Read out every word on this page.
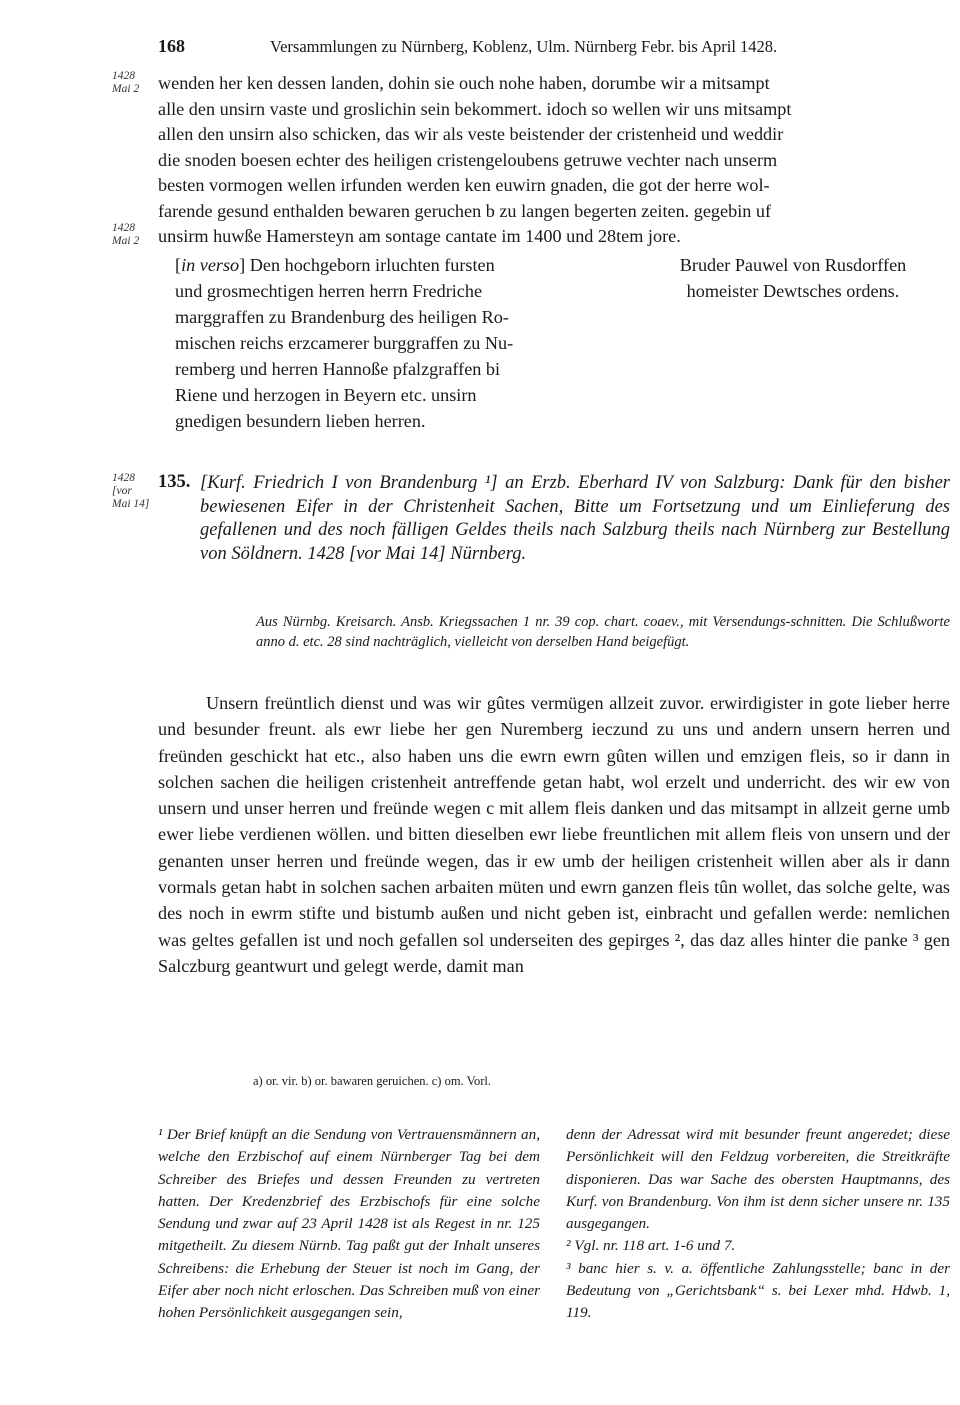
168	Versammlungen zu Nürnberg, Koblenz, Ulm. Nürnberg Febr. bis April 1428.
1428
Mai 2
1428
Mai 2
1428
[vor
Mai 14]
wenden her ken dessen landen, dohin sie ouch nohe haben, dorumbe wir a mitsampt
alle den unsirn vaste und groslichin sein bekommert. idoch so wellen wir uns mitsampt
allen den unsirn also schicken, das wir als veste beistender der cristenheid und weddir
die snoden boesen echter des heiligen cristengeloubens getruwe vechter nach unserm
besten vormogen wellen irfunden werden ken euwirn gnaden, die got der herre wol-
farende gesund enthalden bewaren geruchen b zu langen begerten zeiten. gegebin uf
unsirm huwße Hamersteyn am sontage cantate im 1400 und 28tem jore.
[in verso] Den hochgeborn irluchten fursten
und grosmechtigen herren herrn Fredriche
marggraffen zu Brandenburg des heiligen Ro-
mischen reichs erzcamerer burggraffen zu Nu-
remberg und herren Hannoße pfalzgraffen bi
Riene und herzogen in Beyern etc. unsirn
gnedigen besundern lieben herren.
Bruder Pauwel von Rusdorffen
homeister Dewtsches ordens.
135. [Kurf. Friedrich I von Brandenburg ¹] an Erzb. Eberhard IV von Salzburg: Dank für den bisher bewiesenen Eifer in der Christenheit Sachen, Bitte um Fortsetzung und um Einlieferung des gefallenen und des noch fälligen Geldes theils nach Salzburg theils nach Nürnberg zur Bestellung von Söldnern. 1428 [vor Mai 14] Nürnberg.
Aus Nürnbg. Kreisarch. Ansb. Kriegssachen 1 nr. 39 cop. chart. coaev., mit Versendungs-schnitten. Die Schlußworte anno d. etc. 28 sind nachträglich, vielleicht von derselben Hand beigefügt.

Unsern freüntlich dienst und was wir gûtes vermügen allzeit zuvor. erwirdigister in gote lieber herre und besunder freunt. als ewr liebe her gen Nuremberg ieczund zu uns und andern unsern herren und freünden geschickt hat etc., also haben uns die ewrn ewrn gûten willen und emzigen fleis, so ir dann in solchen sachen die heiligen cristenheit antreffende getan habt, wol erzelt und underricht. des wir ew von unsern und unser herren und freünde wegen c mit allem fleis danken und das mitsampt in allzeit gerne umb ewer liebe verdienen wöllen. und bitten dieselben ewr liebe freuntlichen mit allem fleis von unsern und der genanten unser herren und freünde wegen, das ir ew umb der heiligen cristenheit willen aber als ir dann vormals getan habt in solchen sachen arbaiten müten und ewrn ganzen fleis tûn wollet, das solche gelte, was des noch in ewrm stifte und bistumb außen und nicht geben ist, einbracht und gefallen werde: nemlichen was geltes gefallen ist und noch gefallen sol underseiten des gepirges ², das daz alles hinter die panke ³ gen Salczburg geantwurt und gelegt werde, damit man

a) or. vir. b) or. bawaren geruichen. c) om. Vorl.

¹ Der Brief knüpft an die Sendung von Vertrauensmännern an, welche den Erzbischof auf einem Nürnberger Tag bei dem Schreiber des Briefes und dessen Freunden zu vertreten hatten. Der Kredenzbrief des Erzbischofs für eine solche Sendung und zwar auf 23 April 1428 ist als Regest in nr. 125 mitgetheilt. Zu diesem Nürnb. Tag paßt gut der Inhalt unseres Schreibens: die Erhebung der Steuer ist noch im Gang, der Eifer aber noch nicht erloschen. Das Schreiben muß von einer hohen Persönlichkeit ausgegangen sein,

denn der Adressat wird mit besunder freunt angeredet; diese Persönlichkeit will den Feldzug vorbereiten, die Streitkräfte disponieren. Das war Sache des obersten Hauptmanns, des Kurf. von Brandenburg. Von ihm ist denn sicher unsere nr. 135 ausgegangen.

² Vgl. nr. 118 art. 1-6 und 7.

³ banc hier s. v. a. öffentliche Zahlungsstelle; banc in der Bedeutung von „Gerichtsbank“ s. bei Lexer mhd. Hdwb. 1, 119.
